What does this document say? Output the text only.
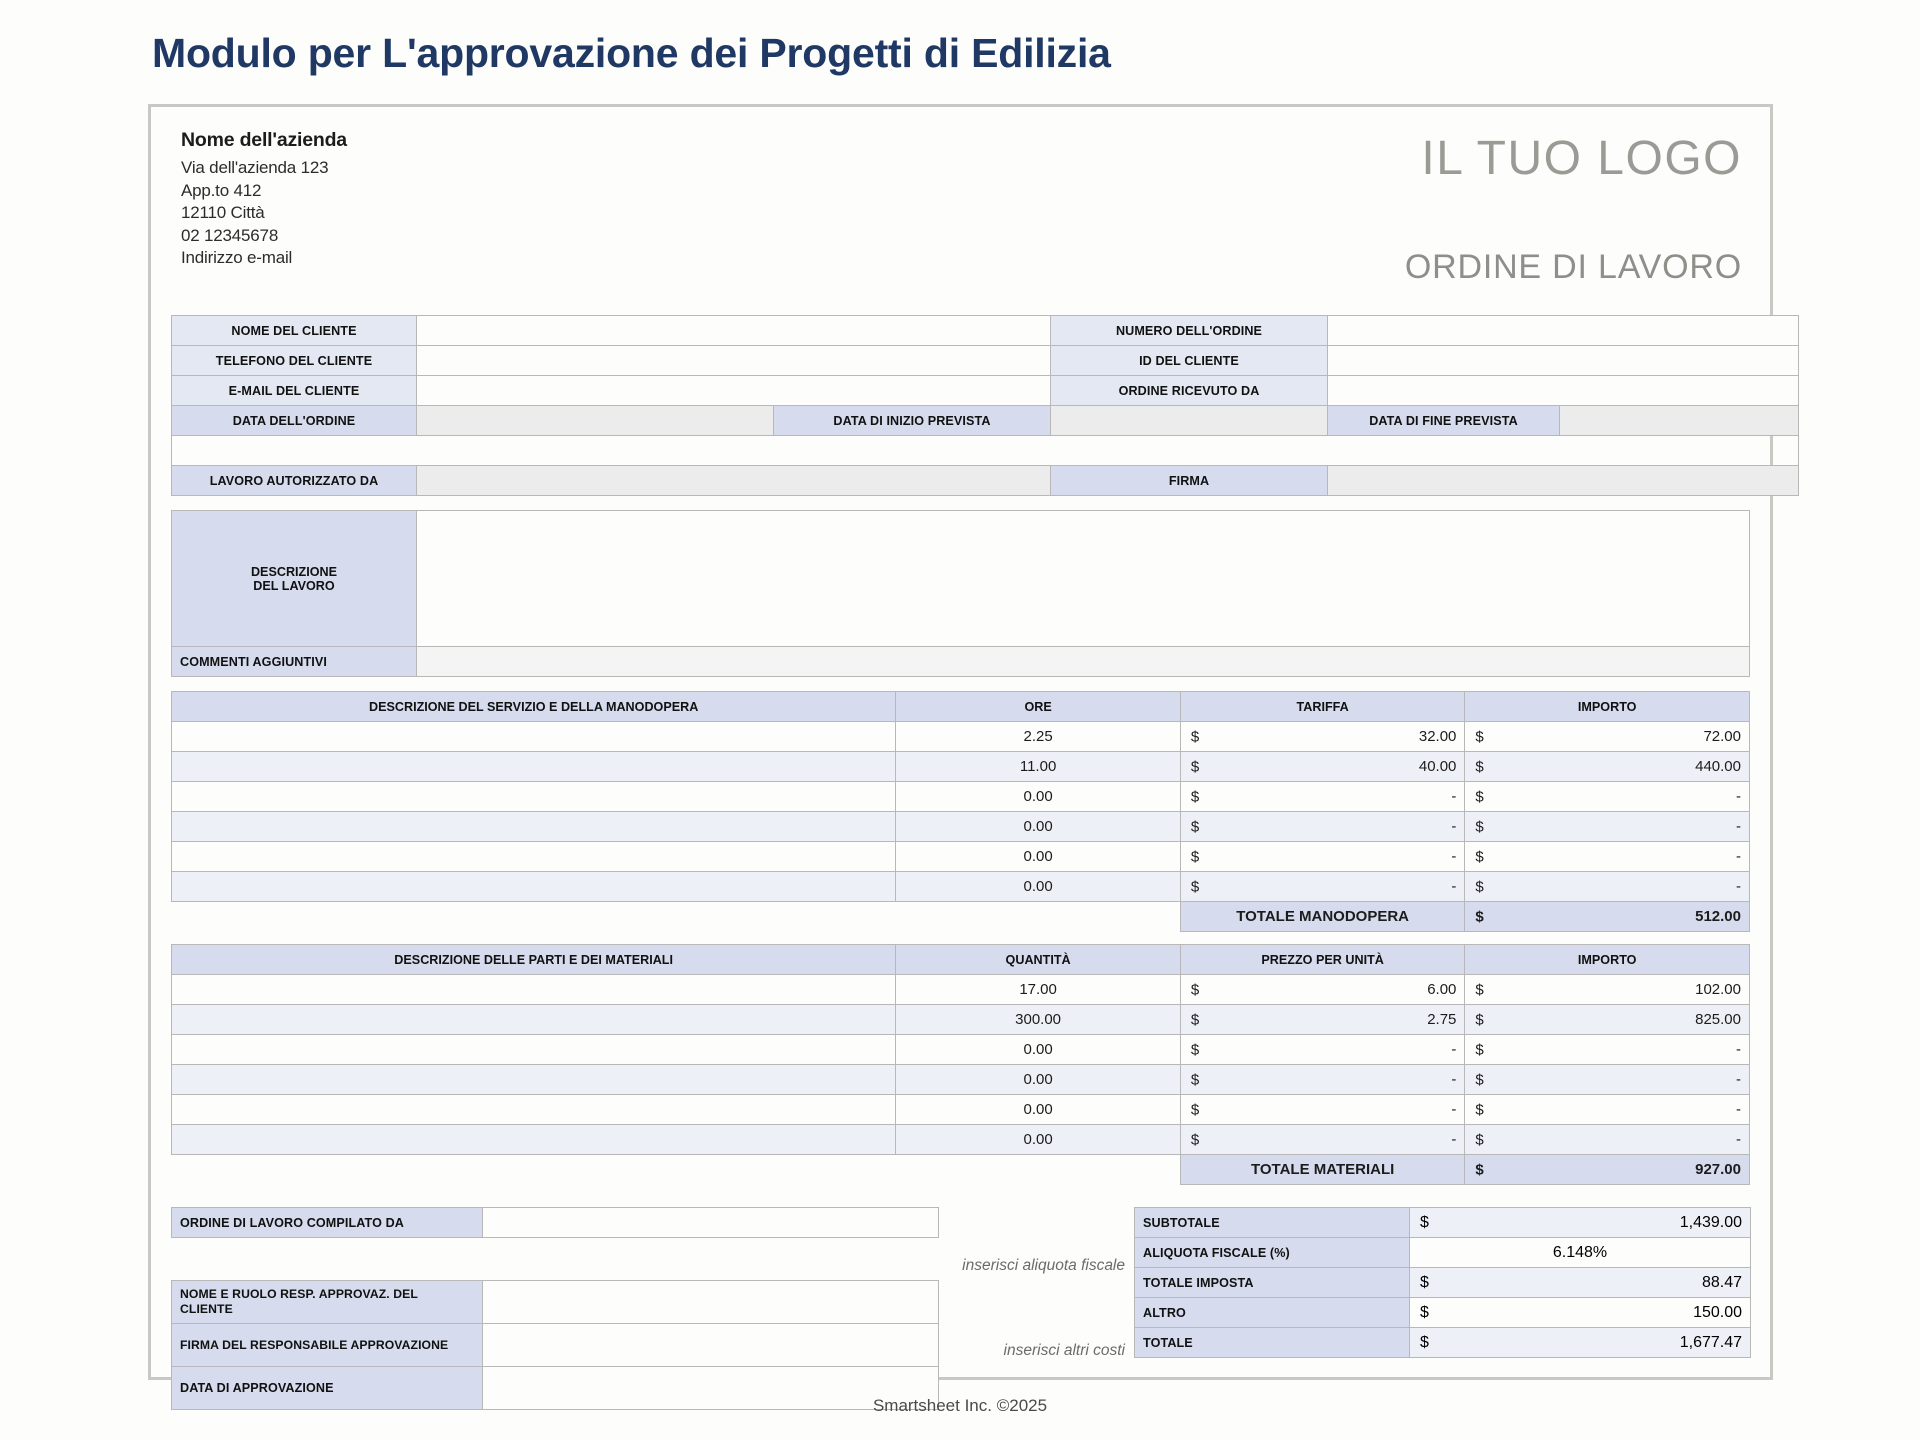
Modulo per L'approvazione dei Progetti di Edilizia
Nome dell'azienda
Via dell'azienda 123
App.to 412
12110 Città
02 12345678
Indirizzo e-mail
IL TUO LOGO
ORDINE DI LAVORO
NOME DEL CLIENTE			NUMERO DELL'ORDINE		
TELEFONO DEL CLIENTE			ID DEL CLIENTE		
E-MAIL DEL CLIENTE			ORDINE RICEVUTO DA		
DATA DELL'ORDINE		DATA DI INIZIO PREVISTA		DATA DI FINE PREVISTA	

LAVORO AUTORIZZATO DA			FIRMA		
DESCRIZIONE
DEL LAVORO	

COMMENTI AGGIUNTIVI	
DESCRIZIONE DEL SERVIZIO E DELLA MANODOPERA	ORE	TARIFFA	IMPORTO
	2.25	$ 32.00	$ 72.00

	11.00	$ 40.00	$ 440.00

	0.00	$ -	$ -

	0.00	$ -	$ -

	0.00	$ -	$ -

	0.00	$ -	$ -

		TOTALE MANODOPERA	$ 512.00
DESCRIZIONE DELLE PARTI E DEI MATERIALI	QUANTITÀ	PREZZO PER UNITÀ	IMPORTO
	17.00	$ 6.00	$ 102.00

	300.00	$ 2.75	$ 825.00

	0.00	$ -	$ -

	0.00	$ -	$ -

	0.00	$ -	$ -

	0.00	$ -	$ -

		TOTALE MATERIALI	$ 927.00
ORDINE DI LAVORO COMPILATO DA	
NOME E RUOLO RESP. APPROVAZ. DEL CLIENTE	
FIRMA DEL RESPONSABILE APPROVAZIONE	
DATA DI APPROVAZIONE	
inserisci aliquota fiscale
inserisci altri costi
SUBTOTALE	$ 1,439.00

ALIQUOTA FISCALE (%)	6.148%
TOTALE IMPOSTA	$ 88.47

ALTRO	$ 150.00

TOTALE	$ 1,677.47
Smartsheet Inc. ©2025
